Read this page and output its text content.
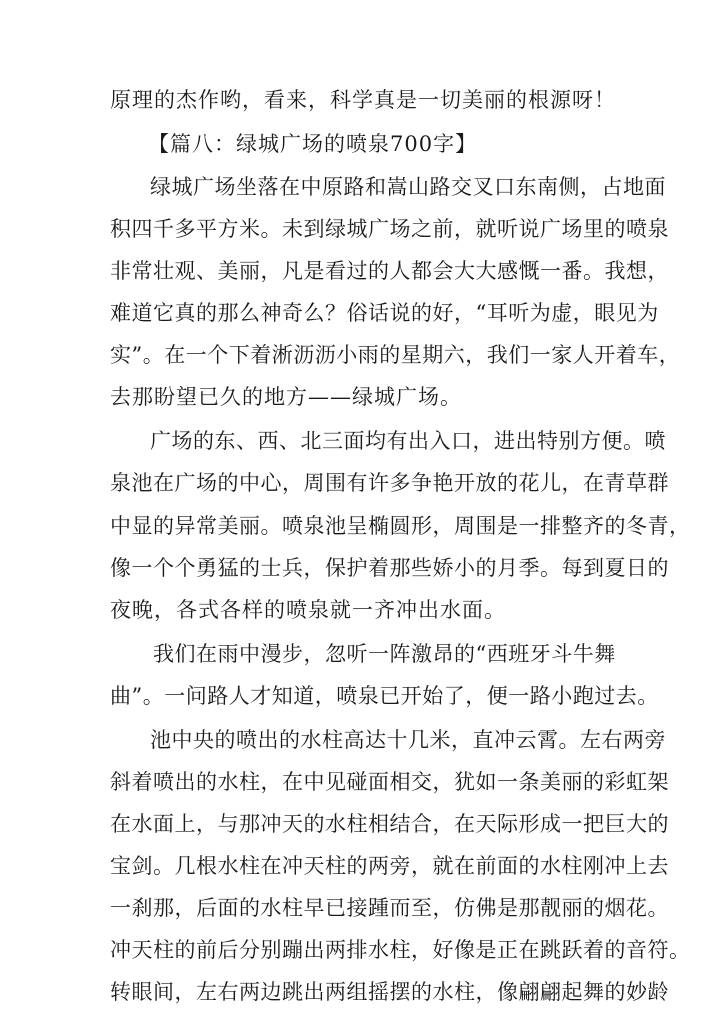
原理的杰作哟，看来，科学真是一切美丽的根源呀！
【篇八：绿城广场的喷泉700字】
绿城广场坐落在中原路和嵩山路交叉口东南侧，占地面
积四千多平方米。未到绿城广场之前，就听说广场里的喷泉
非常壮观、美丽，凡是看过的人都会大大感慨一番。我想，
难道它真的那么神奇么？俗话说的好，“耳听为虚，眼见为
实”。在一个下着淅沥沥小雨的星期六，我们一家人开着车，
去那盼望已久的地方——绿城广场。
广场的东、西、北三面均有出入口，进出特别方便。喷
泉池在广场的中心，周围有许多争艳开放的花儿，在青草群
中显的异常美丽。喷泉池呈椭圆形，周围是一排整齐的冬青，
像一个个勇猛的士兵，保护着那些娇小的月季。每到夏日的
夜晚，各式各样的喷泉就一齐冲出水面。
我们在雨中漫步，忽听一阵激昂的“西班牙斗牛舞
曲”。一问路人才知道，喷泉已开始了，便一路小跑过去。
池中央的喷出的水柱高达十几米，直冲云霄。左右两旁
斜着喷出的水柱，在中见碰面相交，犹如一条美丽的彩虹架
在水面上，与那冲天的水柱相结合，在天际形成一把巨大的
宝剑。几根水柱在冲天柱的两旁，就在前面的水柱刚冲上去
一刹那，后面的水柱早已接踵而至，仿佛是那靓丽的烟花。
冲天柱的前后分别蹦出两排水柱，好像是正在跳跃着的音符。
转眼间，左右两边跳出两组摇摆的水柱，像翩翩起舞的妙龄
